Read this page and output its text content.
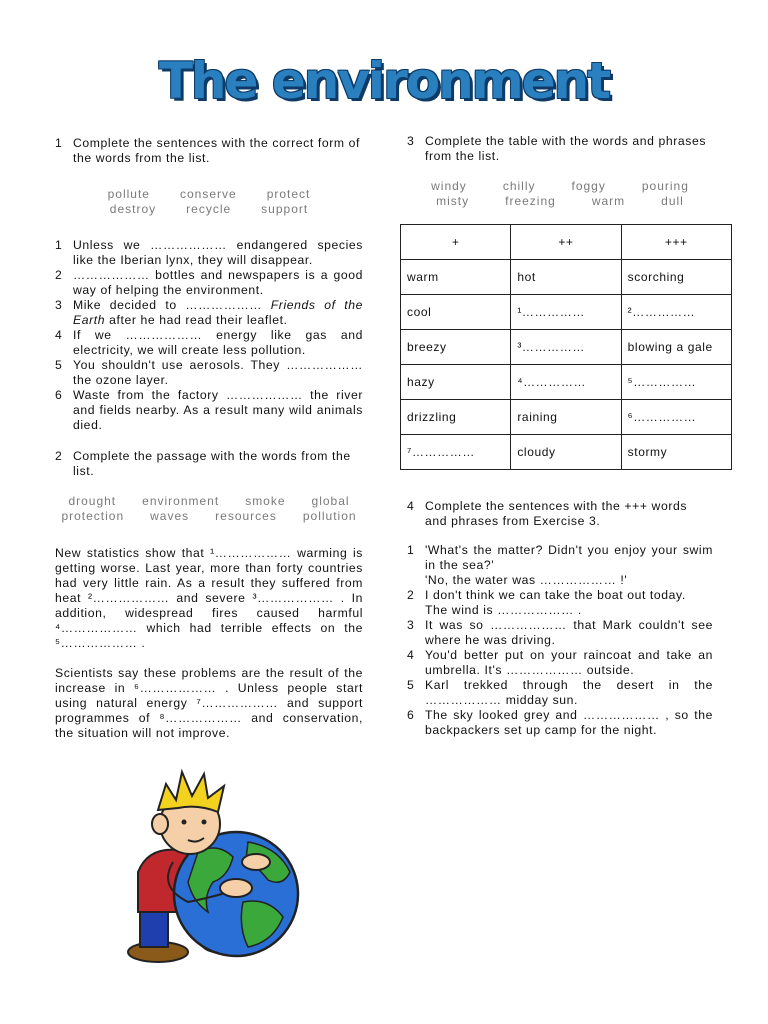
The environment
1 Complete the sentences with the correct form of the words from the list.
pollute	conserve	protect
destroy	recycle	support
1 Unless we ……………… endangered species like the Iberian lynx, they will disappear.
2 ……………… bottles and newspapers is a good way of helping the environment.
3 Mike decided to ……………… Friends of the Earth after he had read their leaflet.
4 If we ……………… energy like gas and electricity, we will create less pollution.
5 You shouldn't use aerosols. They ……………… the ozone layer.
6 Waste from the factory ……………… the river and fields nearby. As a result many wild animals died.
2 Complete the passage with the words from the list.
drought environment smoke global
protection waves resources pollution

New statistics show that ¹……………… warming is getting worse. Last year, more than forty countries had very little rain. As a result they suffered from heat ²……………… and severe ³……………… . In addition, widespread fires caused harmful ⁴……………… which had terrible effects on the ⁵……………… .

Scientists say these problems are the result of the increase in ⁶……………… . Unless people start using natural energy ⁷……………… and support programmes of ⁸……………… and conservation, the situation will not improve.

3 Complete the table with the words and phrases from the list.
windy	chilly	foggy	pouring
misty	freezing	warm	dull
+	++	+++
warm	hot	scorching
cool	¹……………	²……………
breezy	³……………	blowing a gale
hazy	⁴……………	⁵……………
drizzling	raining	⁶……………
⁷……………	cloudy	stormy
4 Complete the sentences with the +++ words and phrases from Exercise 3.
1 'What's the matter? Didn't you enjoy your swim in the sea?'
'No, the water was ……………… !'
2 I don't think we can take the boat out today.
The wind is ……………… .
3 It was so ……………… that Mark couldn't see where he was driving.
4 You'd better put on your raincoat and take an umbrella. It's ……………… outside.
5 Karl trekked through the desert in the ……………… midday sun.
6 The sky looked grey and ……………… , so the backpackers set up camp for the night.
